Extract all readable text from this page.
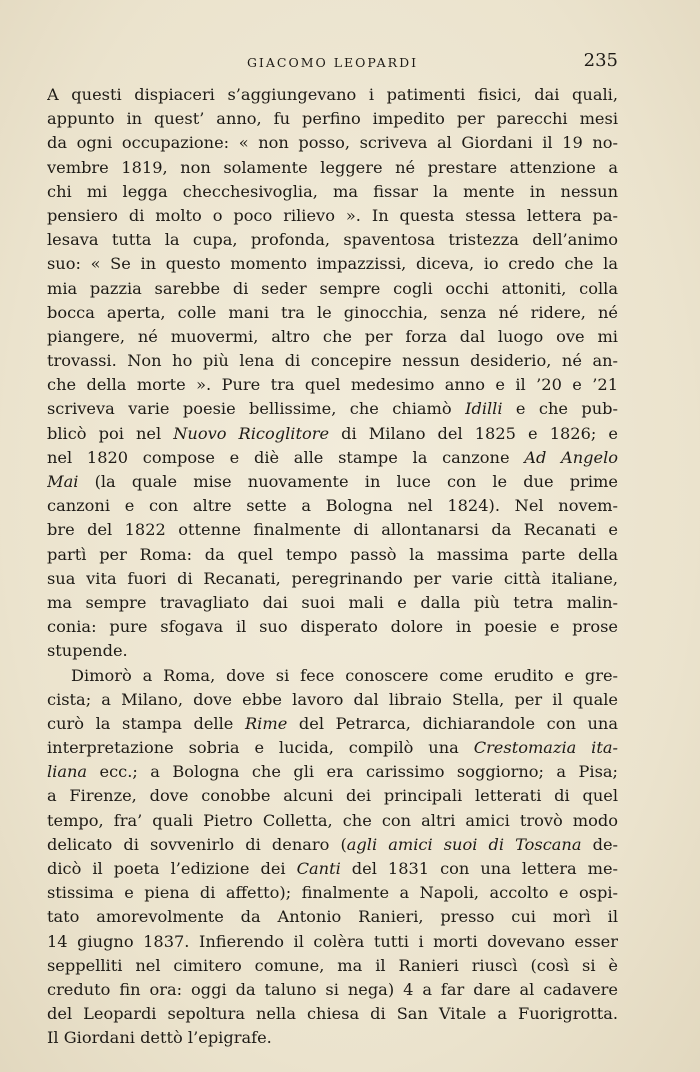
GIACOMO LEOPARDI	235

A questi dispiaceri s’aggiungevano i patimenti fisici, dai quali,
appunto in quest’ anno, fu perfino impedito per parecchi mesi
da ogni occupazione: « non posso, scriveva al Giordani il 19 no-
vembre 1819, non solamente leggere né prestare attenzione a
chi mi legga checchesivoglia, ma fissar la mente in nessun
pensiero di molto o poco rilievo ». In questa stessa lettera pa-
lesava tutta la cupa, profonda, spaventosa tristezza dell’animo
suo: « Se in questo momento impazzissi, diceva, io credo che la
mia pazzia sarebbe di seder sempre cogli occhi attoniti, colla
bocca aperta, colle mani tra le ginocchia, senza né ridere, né
piangere, né muovermi, altro che per forza dal luogo ove mi
trovassi. Non ho più lena di concepire nessun desiderio, né an-
che della morte ». Pure tra quel medesimo anno e il ’20 e ’21
scriveva varie poesie bellissime, che chiamò Idilli e che pub-
blicò poi nel Nuovo Ricoglitore di Milano del 1825 e 1826; e
nel 1820 compose e diè alle stampe la canzone Ad Angelo
Mai (la quale mise nuovamente in luce con le due prime
canzoni e con altre sette a Bologna nel 1824). Nel novem-
bre del 1822 ottenne finalmente di allontanarsi da Recanati e
partì per Roma: da quel tempo passò la massima parte della
sua vita fuori di Recanati, peregrinando per varie città italiane,
ma sempre travagliato dai suoi mali e dalla più tetra malin-
conia: pure sfogava il suo disperato dolore in poesie e prose
stupende.

Dimorò a Roma, dove si fece conoscere come erudito e gre-
cista; a Milano, dove ebbe lavoro dal libraio Stella, per il quale
curò la stampa delle Rime del Petrarca, dichiarandole con una
interpretazione sobria e lucida, compilò una Crestomazia ita-
liana ecc.; a Bologna che gli era carissimo soggiorno; a Pisa;
a Firenze, dove conobbe alcuni dei principali letterati di quel
tempo, fra’ quali Pietro Colletta, che con altri amici trovò modo
delicato di sovvenirlo di denaro (agli amici suoi di Toscana de-
dicò il poeta l’edizione dei Canti del 1831 con una lettera me-
stissima e piena di affetto); finalmente a Napoli, accolto e ospi-
tato amorevolmente da Antonio Ranieri, presso cui morì il
14 giugno 1837. Infierendo il colèra tutti i morti dovevano esser
seppelliti nel cimitero comune, ma il Ranieri riuscì (così si è
creduto fin ora: oggi da taluno si nega) 4 a far dare al cadavere
del Leopardi sepoltura nella chiesa di San Vitale a Fuorigrotta.
Il Giordani dettò l’epigrafe.
